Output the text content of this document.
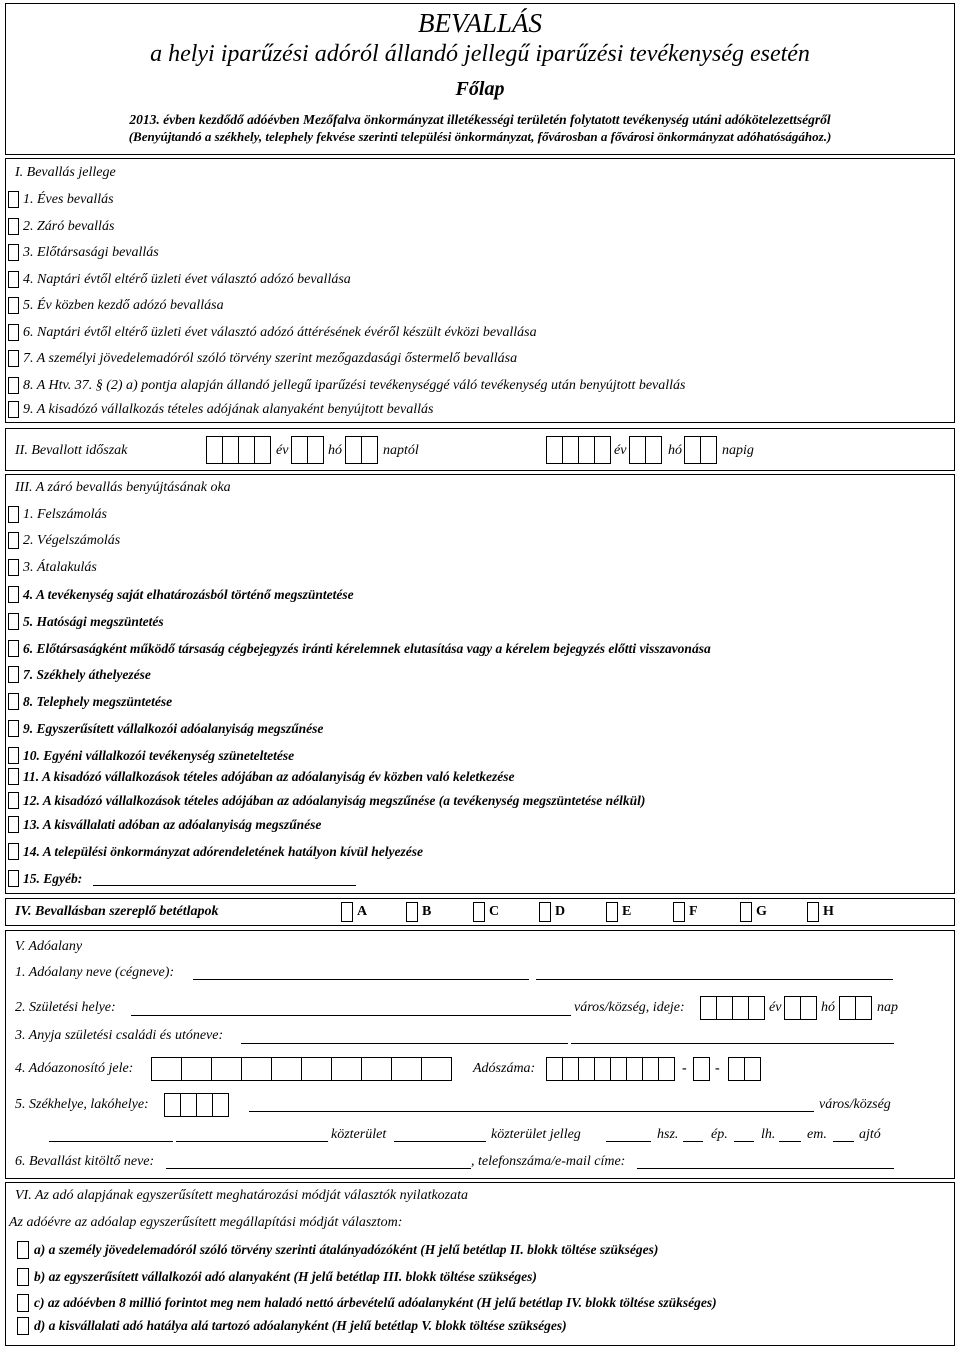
BEVALLÁS
a helyi iparűzési adóról állandó jellegű iparűzési tevékenység esetén
Főlap
2013. évben kezdődő adóévben Mezőfalva önkormányzat illetékességi területén folytatott tevékenység utáni adókötelezettségről
(Benyújtandó a székhely, telephely fekvése szerinti települési önkormányzat, fővárosban a fővárosi önkormányzat adóhatóságához.)
I. Bevallás jellege
1. Éves bevallás
2. Záró bevallás
3. Előtársasági bevallás
4. Naptári évtől eltérő üzleti évet választó adózó bevallása
5. Év közben kezdő adózó bevallása
6. Naptári évtől eltérő üzleti évet választó adózó áttérésének évéről készült évközi bevallása
7. A személyi jövedelemadóról szóló törvény szerint mezőgazdasági őstermelő bevallása
8. A Htv. 37. § (2) a) pontja alapján állandó jellegű iparűzési tevékenységgé váló tevékenység után benyújtott bevallás
9. A kisadózó vállalkozás tételes adójának alanyaként benyújtott bevallás
II. Bevallott időszak	év	hó	naptól	év	hó	napig
III. A záró bevallás benyújtásának oka
1. Felszámolás
2. Végelszámolás
3. Átalakulás
4. A tevékenység saját elhatározásból történő megszüntetése
5. Hatósági megszüntetés
6. Előtársaságként működő társaság cégbejegyzés iránti kérelemnek elutasítása vagy a kérelem bejegyzés előtti visszavonása
7. Székhely áthelyezése
8. Telephely megszüntetése
9. Egyszerűsített vállalkozói adóalanyiság megszűnése
10. Egyéni vállalkozói tevékenység szüneteltetése
11. A kisadózó vállalkozások tételes adójában az adóalanyiság év közben való keletkezése
12. A kisadózó vállalkozások tételes adójában az adóalanyiság megszűnése (a tevékenység megszüntetése nélkül)
13. A kisvállalati adóban az adóalanyiság megszűnése
14. A települési önkormányzat adórendeletének hatályon kívül helyezése
15. Egyéb:
IV. Bevallásban szereplő betétlapok	A	B	C	D	E	F	G	H
V. Adóalany
1. Adóalany neve (cégneve):
2. Születési helye:	város/község, ideje:	év	hó	nap
3. Anyja születési családi és utóneve:
4. Adóazonosító jele:	Adószáma:	- -
5. Székhelye, lakóhelye:	város/község
közterület	közterület jelleg	hsz. ép. lh. em. ajtó
6. Bevallást kitöltő neve:	, telefonszáma/e-mail címe:
VI. Az adó alapjának egyszerűsített meghatározási módját választók nyilatkozata
Az adóévre az adóalap egyszerűsített megállapítási módját választom:
a) a személy jövedelemadóról szóló törvény szerinti átalányadózóként (H jelű betétlap II. blokk töltése szükséges)
b) az egyszerűsített vállalkozói adó alanyaként (H jelű betétlap III. blokk töltése szükséges)
c) az adóévben 8 millió forintot meg nem haladó nettó árbevételű adóalanyként (H jelű betétlap IV. blokk töltése szükséges)
d) a kisvállalati adó hatálya alá tartozó adóalanyként (H jelű betétlap V. blokk töltése szükséges)
